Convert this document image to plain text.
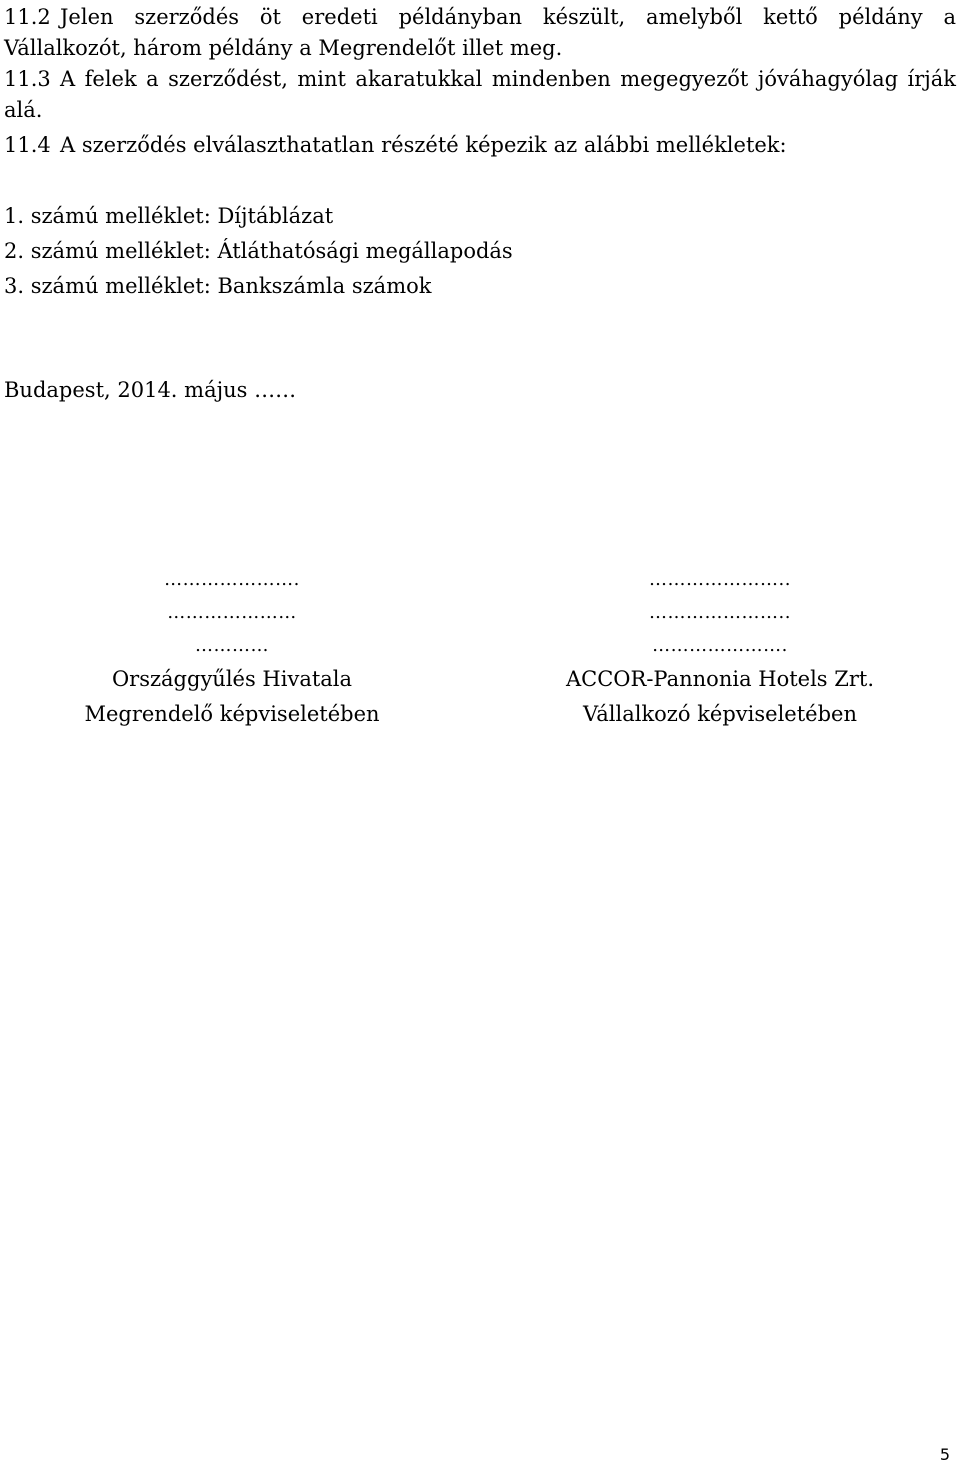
11.2 Jelen szerződés öt eredeti példányban készült, amelyből kettő példány a Vállalkozót, három példány a Megrendelőt illet meg.
11.3 A felek a szerződést, mint akaratukkal mindenben megegyezőt jóváhagyólag írják alá.
11.4 A szerződés elválaszthatatlan részété képezik az alábbi mellékletek:
1. számú melléklet: Díjtáblázat
2. számú melléklet: Átláthatósági megállapodás
3. számú melléklet: Bankszámla számok
Budapest, 2014. május ……
………………….
…………………
…………
Országgyűlés Hivatala
Megrendelő képviseletében
…………………..
…………………..
………………….
ACCOR-Pannonia Hotels Zrt.
Vállalkozó képviseletében
5
